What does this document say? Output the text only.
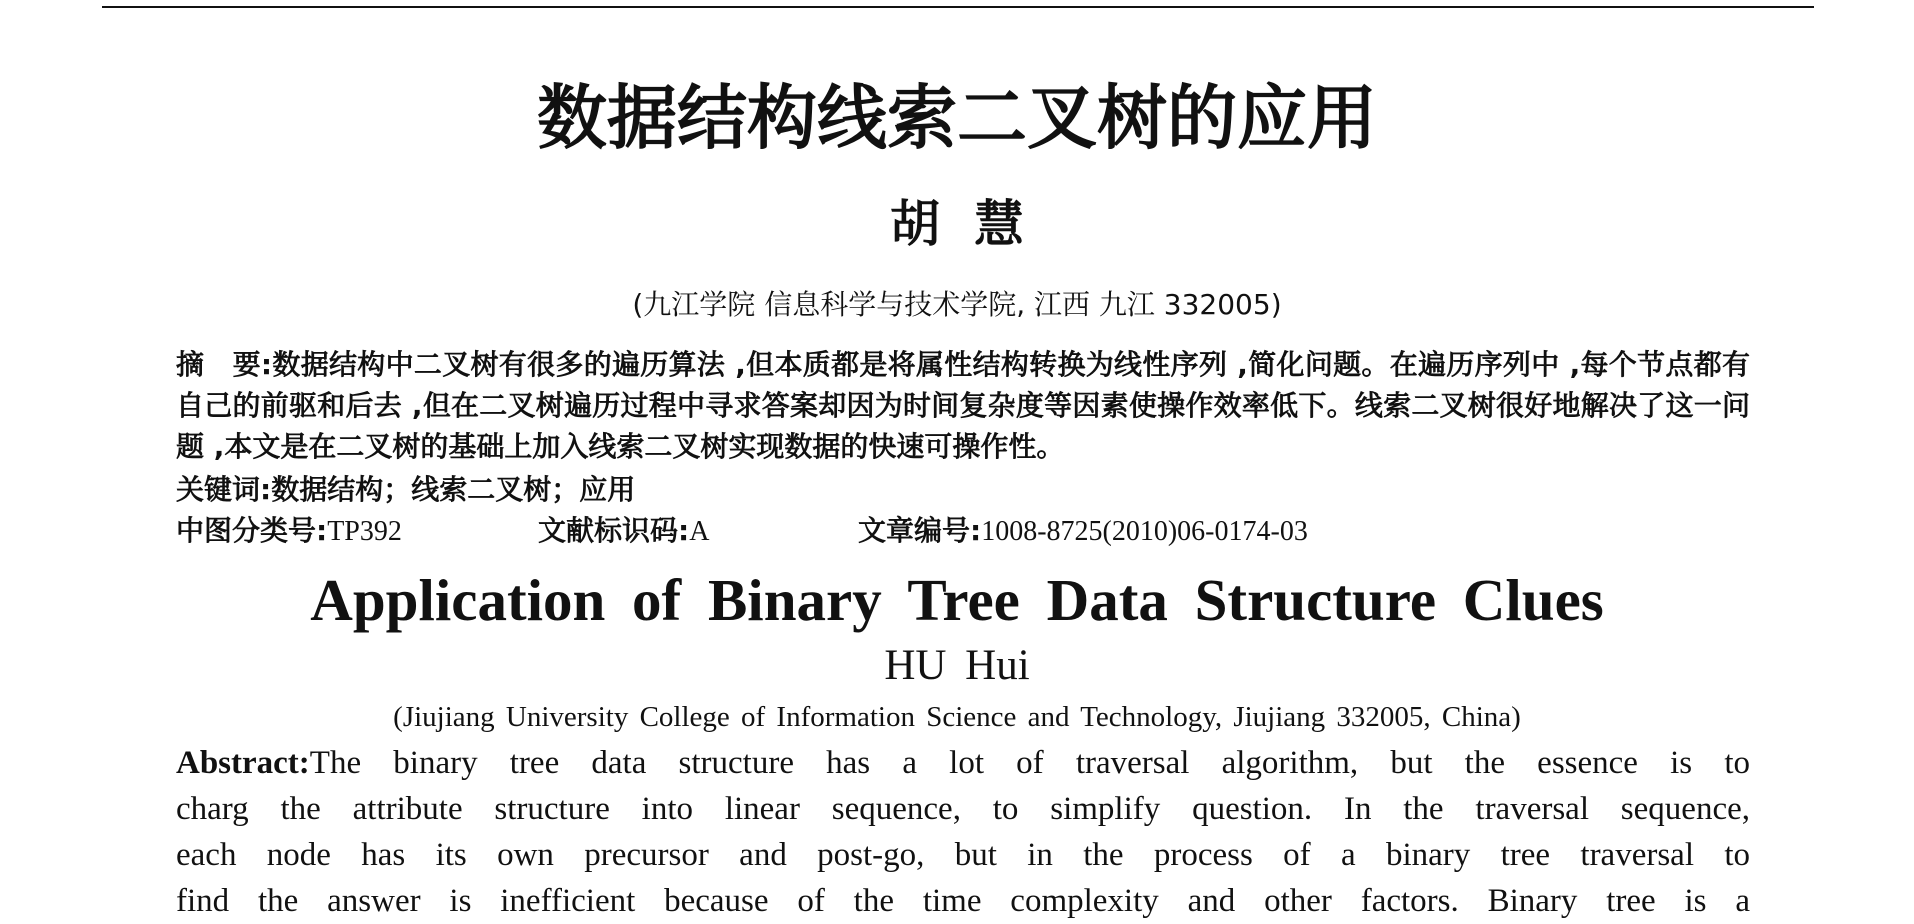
数据结构线索二叉树的应用
胡慧
(九江学院 信息科学与技术学院, 江西 九江 332005)
摘　要:数据结构中二叉树有很多的遍历算法 ,但本质都是将属性结构转换为线性序列 ,简化问题。在遍历序列中 ,每个节点都有自己的前驱和后去 ,但在二叉树遍历过程中寻求答案却因为时间复杂度等因素使操作效率低下。线索二叉树很好地解决了这一问题 ,本文是在二叉树的基础上加入线索二叉树实现数据的快速可操作性。
关键词:数据结构；线索二叉树；应用
中图分类号:TP392	文献标识码:A	文章编号:1008-8725(2010)06-0174-03
Application of Binary Tree Data Structure Clues
HU Hui
(Jiujiang University College of Information Science and Technology, Jiujiang 332005, China)
Abstract:The binary tree data structure has a lot of traversal algorithm, but the essence is to
charg the attribute structure into linear sequence, to simplify question. In the traversal sequence,
each node has its own precursor and post-go, but in the process of a binary tree traversal to
find the answer is inefficient because of the time complexity and other factors. Binary tree is a
